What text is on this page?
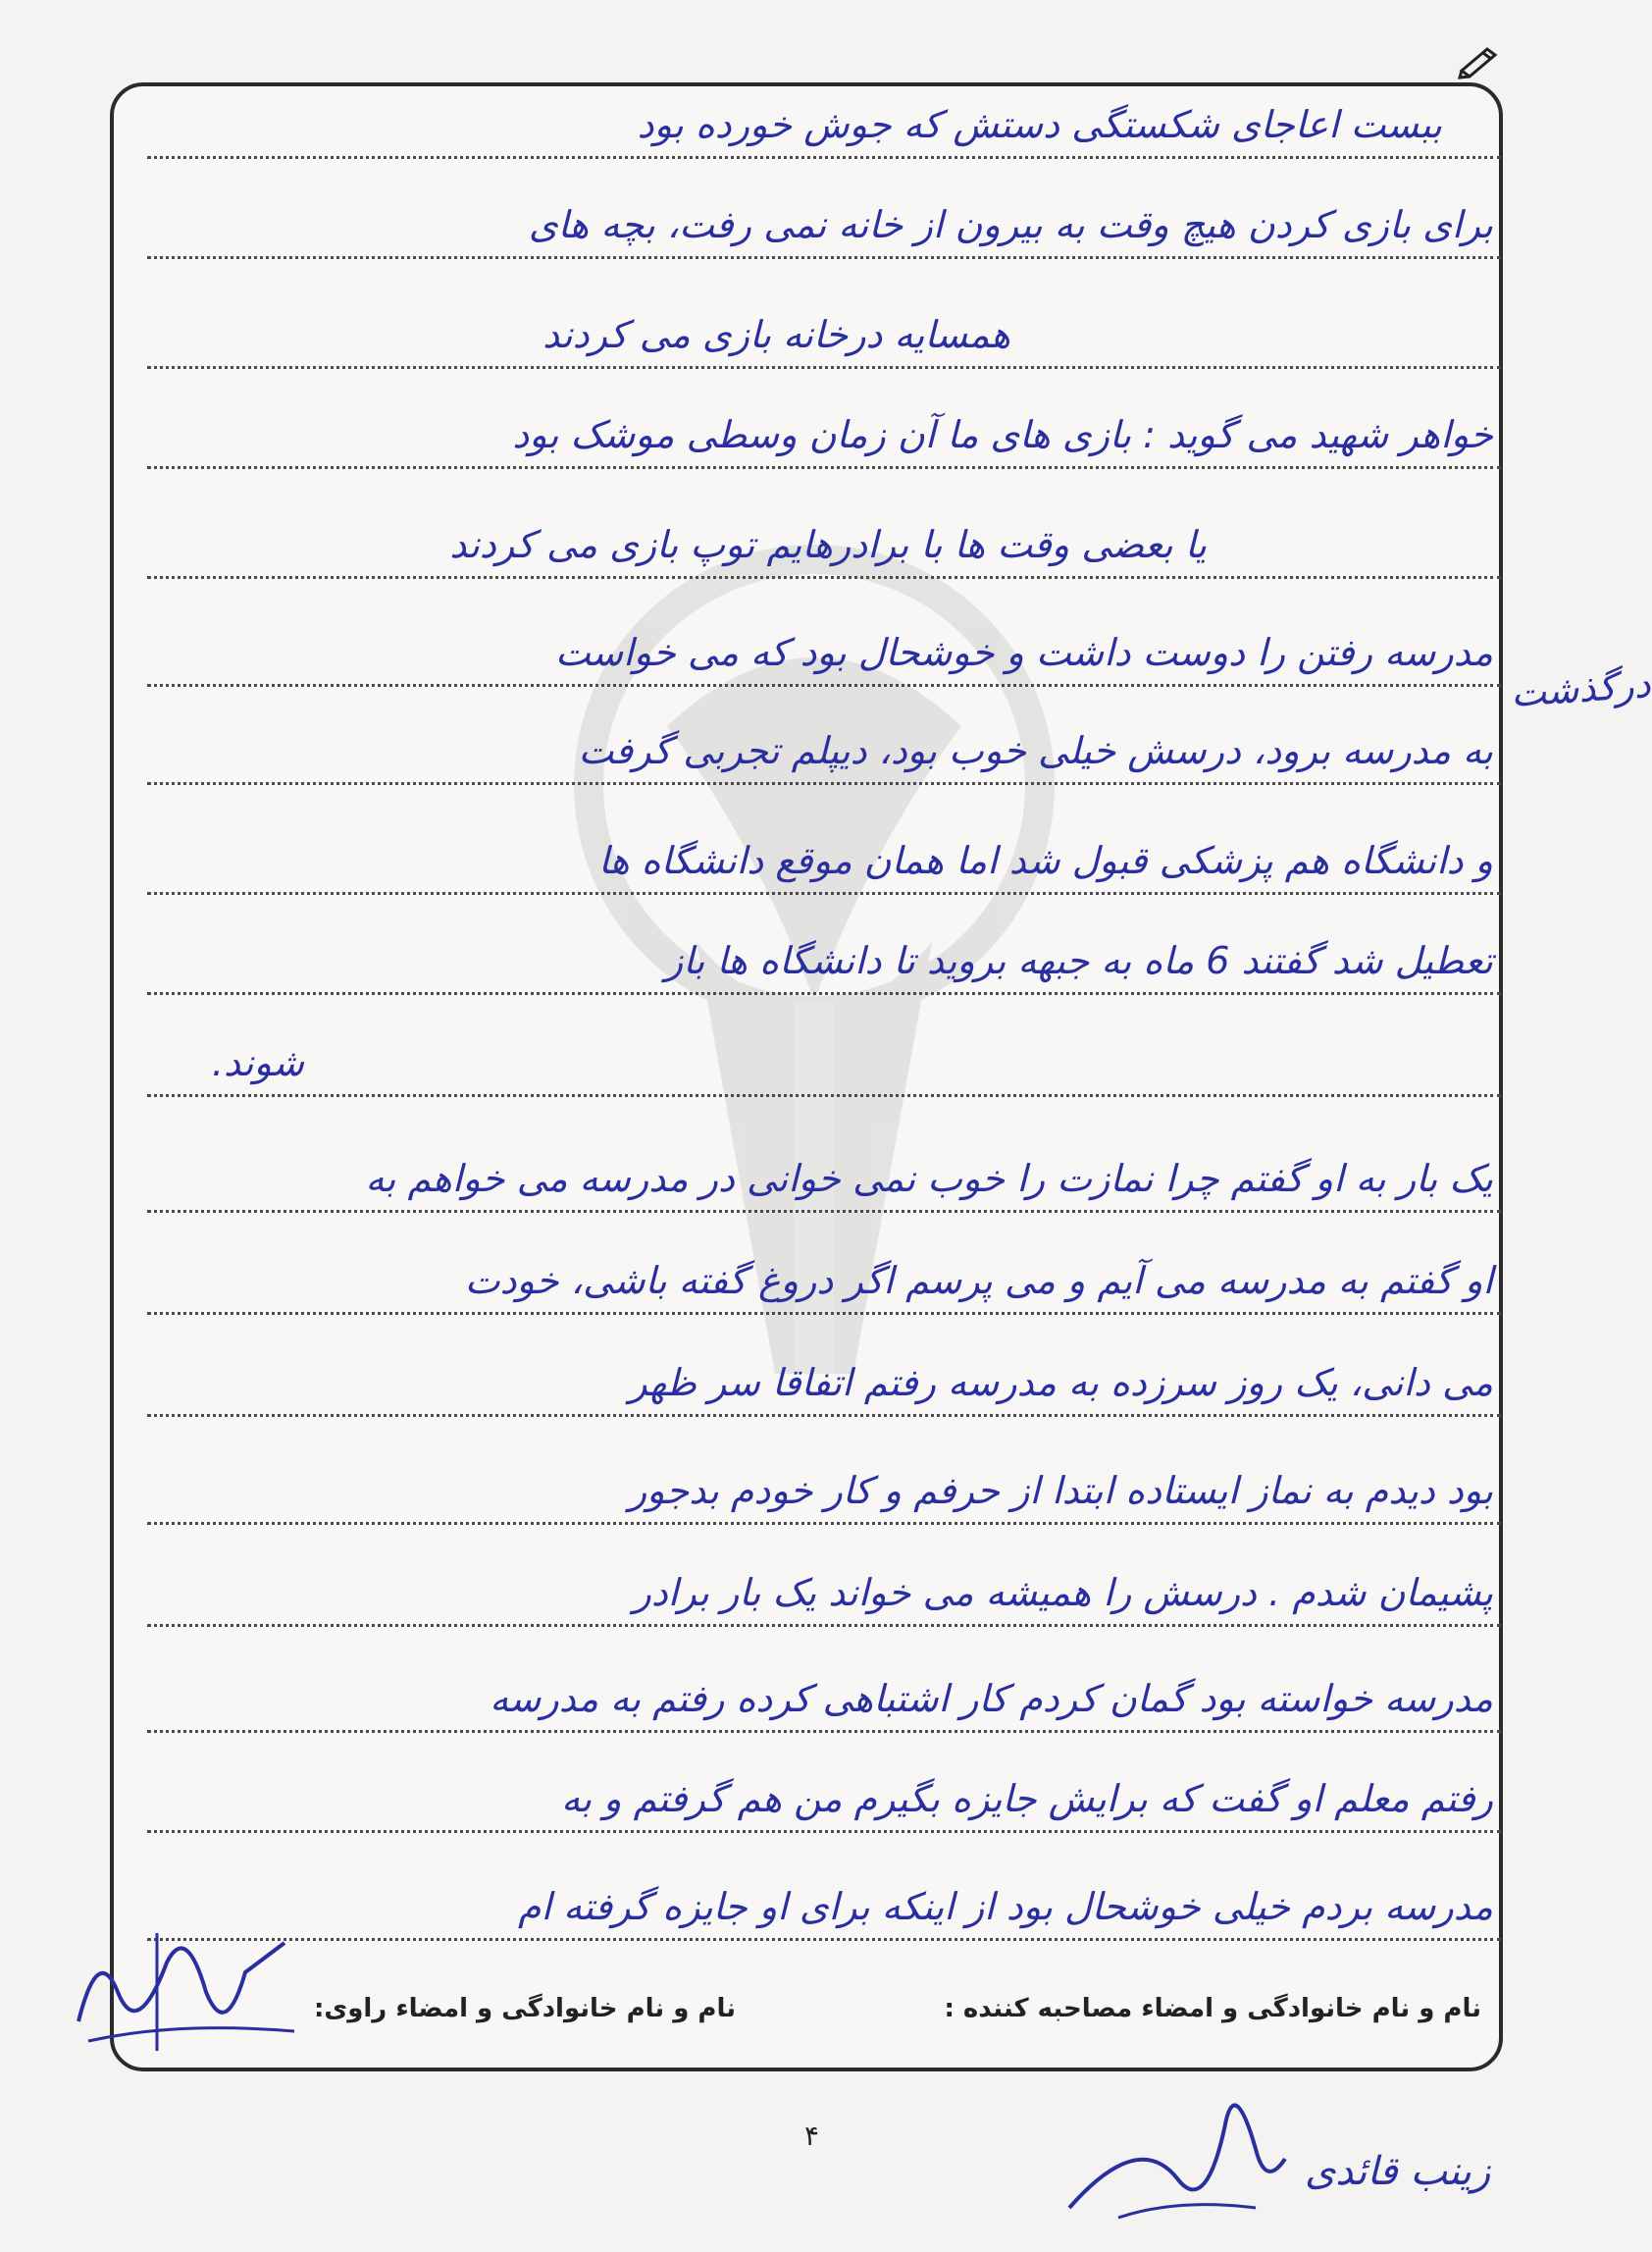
ببست اعاجای شکستگی دستش که جوش خورده بود
برای بازی کردن هیچ وقت به بیرون از خانه نمی رفت، بچه های
همسایه درخانه بازی می کردند
خواهر شهید می گوید : بازی های ما آن زمان وسطی موشک بود
یا بعضی وقت ها با برادرهایم توپ بازی می کردند
مدرسه رفتن را دوست داشت و خوشحال بود که می خواست
به مدرسه برود، درسش خیلی خوب بود، دیپلم تجربی گرفت
و دانشگاه هم پزشکی قبول شد اما همان موقع دانشگاه ها
تعطیل شد گفتند 6 ماه به جبهه بروید تا دانشگاه ها باز
شوند.
یک بار به او گفتم چرا نمازت را خوب نمی خوانی در مدرسه می خواهم به
او گفتم به مدرسه می آیم و می پرسم اگر دروغ گفته باشی، خودت
می دانی، یک روز سرزده به مدرسه رفتم اتفاقا سر ظهر
بود دیدم به نماز ایستاده ابتدا از حرفم و کار خودم بدجور
پشیمان شدم . درسش را همیشه می خواند یک بار برادر
مدرسه خواسته بود گمان کردم کار اشتباهی کرده رفتم به مدرسه
رفتم معلم او گفت که برایش جایزه بگیرم من هم گرفتم و به
مدرسه بردم خیلی خوشحال بود از اینکه برای او جایزه گرفته ام
درگذشت
نام و نام خانوادگی و امضاء مصاحبه کننده :
نام و نام خانوادگی و امضاء راوی:
۴
زینب قائدی
